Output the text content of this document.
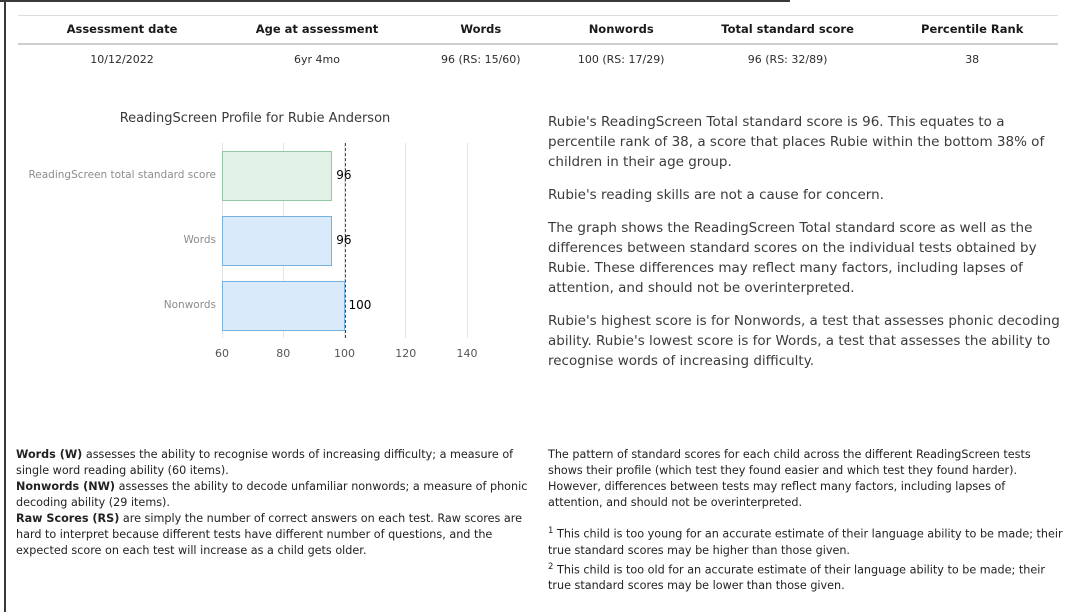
Assessment date	Age at assessment	Words	Nonwords	Total standard score	Percentile Rank
10/12/2022	6yr 4mo	96 (RS: 15/60)	100 (RS: 17/29)	96 (RS: 32/89)	38
ReadingScreen Profile for Rubie Anderson
96
96
100
60	80	100	120	140
ReadingScreen total standard score
Words
Nonwords

Rubie's ReadingScreen Total standard score is 96. This equates to a percentile rank of 38, a score that places Rubie within the bottom 38% of children in their age group.

Rubie's reading skills are not a cause for concern.

The graph shows the ReadingScreen Total standard score as well as the differences between standard scores on the individual tests obtained by Rubie. These differences may reflect many factors, including lapses of attention, and should not be overinterpreted.

Rubie's highest score is for Nonwords, a test that assesses phonic decoding ability. Rubie's lowest score is for Words, a test that assesses the ability to recognise words of increasing difficulty.

Words (W) assesses the ability to recognise words of increasing difficulty; a measure of single word reading ability (60 items).

Nonwords (NW) assesses the ability to decode unfamiliar nonwords; a measure of phonic decoding ability (29 items).

Raw Scores (RS) are simply the number of correct answers on each test. Raw scores are hard to interpret because different tests have different number of questions, and the expected score on each test will increase as a child gets older.

The pattern of standard scores for each child across the different ReadingScreen tests shows their profile (which test they found easier and which test they found harder). However, differences between tests may reflect many factors, including lapses of attention, and should not be overinterpreted.

$^1$ This child is too young for an accurate estimate of their language ability to be made; their true standard scores may be higher than those given.

$^2$ This child is too old for an accurate estimate of their language ability to be made; their true standard scores may be lower than those given.
